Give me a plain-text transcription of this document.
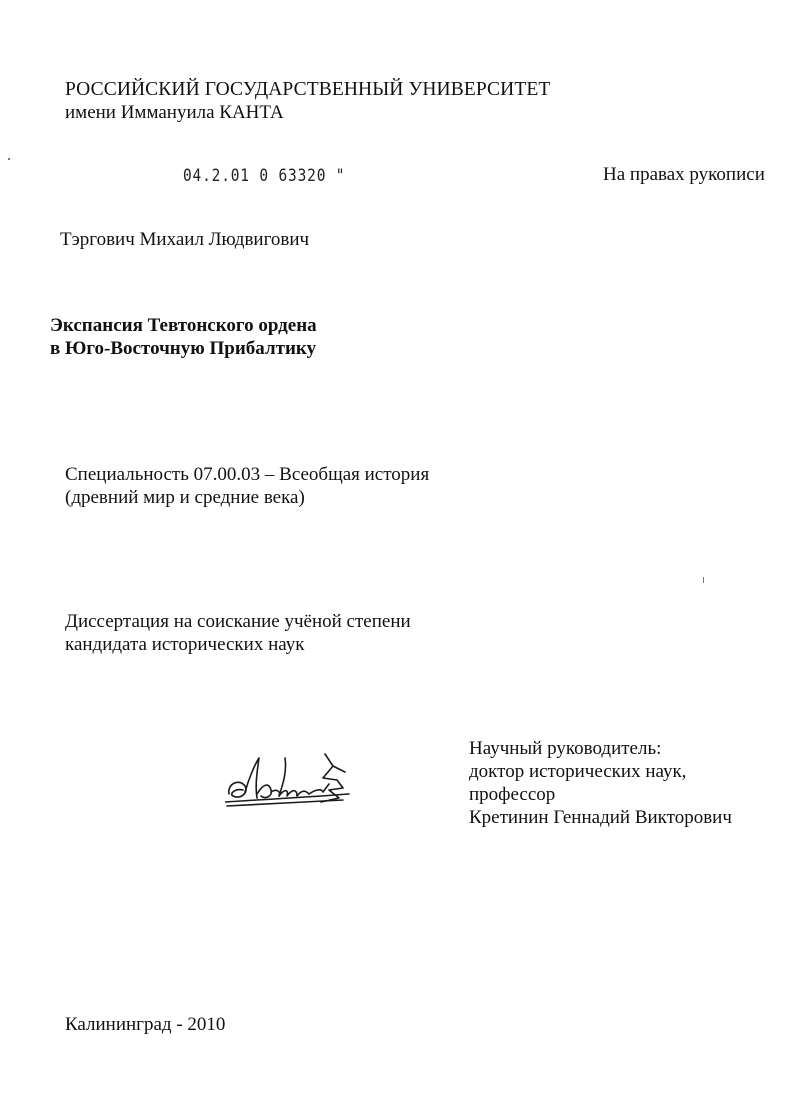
РОССИЙСКИЙ ГОСУДАРСТВЕННЫЙ УНИВЕРСИТЕТ
имени Иммануила КАНТА
04.2.01 0 63320 "	На правах рукописи
Тэргович Михаил Людвигович
Экспансия Тевтонского ордена
в Юго-Восточную Прибалтику
Специальность 07.00.03 – Всеобщая история
(древний мир и средние века)
Диссертация на соискание учёной степени
кандидата исторических наук
Научный руководитель:
доктор исторических наук,
профессор
Кретинин Геннадий Викторович
Калининград - 2010
